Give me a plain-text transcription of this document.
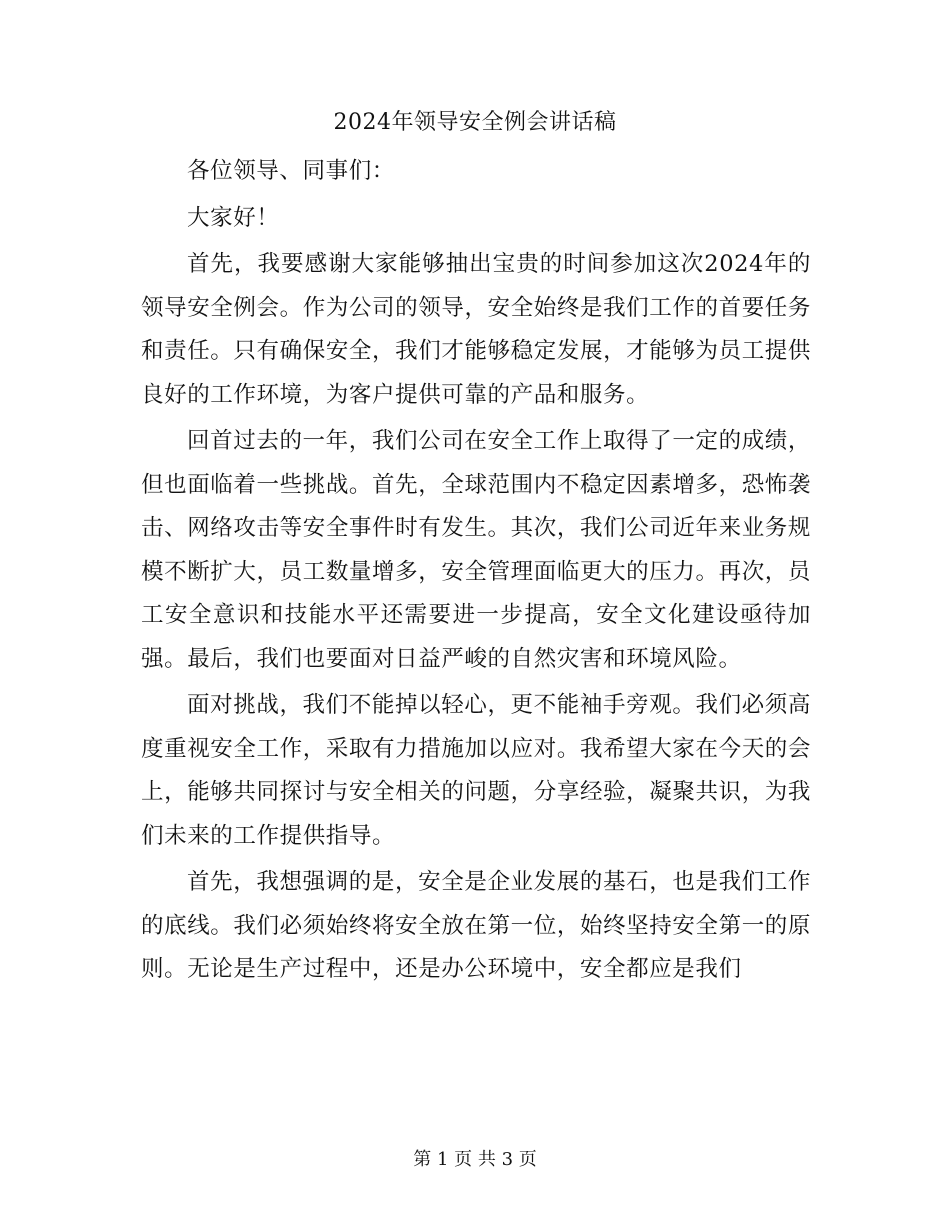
2024年领导安全例会讲话稿

各位领导、同事们：

大家好！

首先，我要感谢大家能够抽出宝贵的时间参加这次2024年的领导安全例会。作为公司的领导，安全始终是我们工作的首要任务和责任。只有确保安全，我们才能够稳定发展，才能够为员工提供良好的工作环境，为客户提供可靠的产品和服务。

回首过去的一年，我们公司在安全工作上取得了一定的成绩，但也面临着一些挑战。首先，全球范围内不稳定因素增多，恐怖袭击、网络攻击等安全事件时有发生。其次，我们公司近年来业务规模不断扩大，员工数量增多，安全管理面临更大的压力。再次，员工安全意识和技能水平还需要进一步提高，安全文化建设亟待加强。最后，我们也要面对日益严峻的自然灾害和环境风险。

面对挑战，我们不能掉以轻心，更不能袖手旁观。我们必须高度重视安全工作，采取有力措施加以应对。我希望大家在今天的会上，能够共同探讨与安全相关的问题，分享经验，凝聚共识，为我们未来的工作提供指导。

首先，我想强调的是，安全是企业发展的基石，也是我们工作的底线。我们必须始终将安全放在第一位，始终坚持安全第一的原则。无论是生产过程中，还是办公环境中，安全都应是我们

第 1 页 共 3 页
